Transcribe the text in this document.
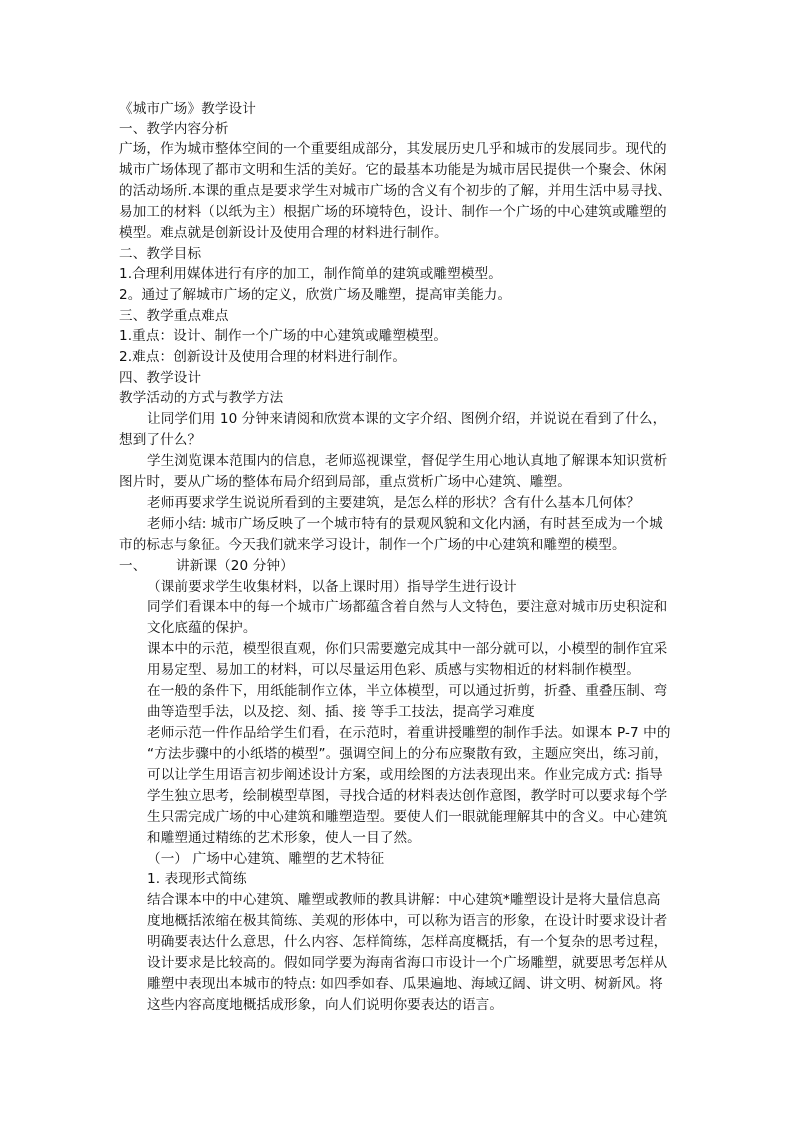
《城市广场》教学设计
一、教学内容分析
广场，作为城市整体空间的一个重要组成部分，其发展历史几乎和城市的发展同步。现代的
城市广场体现了都市文明和生活的美好。它的最基本功能是为城市居民提供一个聚会、休闲
的活动场所.本课的重点是要求学生对城市广场的含义有个初步的了解，并用生活中易寻找、
易加工的材料（以纸为主）根据广场的环境特色，设计、制作一个广场的中心建筑或雕塑的
模型。难点就是创新设计及使用合理的材料进行制作。
二、教学目标
1.合理利用媒体进行有序的加工，制作简单的建筑或雕塑模型。
2。通过了解城市广场的定义，欣赏广场及雕塑，提高审美能力。
三、教学重点难点
1.重点：设计、制作一个广场的中心建筑或雕塑模型。
2.难点：创新设计及使用合理的材料进行制作。
四、教学设计
教学活动的方式与教学方法
让同学们用 10 分钟来请阅和欣赏本课的文字介绍、图例介绍，并说说在看到了什么，
想到了什么？
学生浏览课本范围内的信息，老师巡视课堂，督促学生用心地认真地了解课本知识赏析
图片时，要从广场的整体布局介绍到局部，重点赏析广场中心建筑、雕塑。
老师再要求学生说说所看到的主要建筑，是怎么样的形状？含有什么基本几何体？
老师小结: 城市广场反映了一个城市特有的景观风貌和文化内涵，有时甚至成为一个城
市的标志与象征。今天我们就来学习设计，制作一个广场的中心建筑和雕塑的模型。
一、 讲新课（20 分钟）
（课前要求学生收集材料，以备上课时用）指导学生进行设计
同学们看课本中的每一个城市广场都蕴含着自然与人文特色，要注意对城市历史积淀和
文化底蕴的保护。
课本中的示范，模型很直观，你们只需要邀完成其中一部分就可以，小模型的制作宜采
用易定型、易加工的材料，可以尽量运用色彩、质感与实物相近的材料制作模型。
在一般的条件下，用纸能制作立体，半立体模型，可以通过折剪，折叠、重叠压制、弯
曲等造型手法，以及挖、刻、插、接 等手工技法，提高学习难度
老师示范一件作品给学生们看，在示范时，着重讲授雕塑的制作手法。如课本 P-7 中的
“方法步骤中的小纸塔的模型”。强调空间上的分布应聚散有致，主题应突出，练习前，
可以让学生用语言初步阐述设计方案，或用绘图的方法表现出来。作业完成方式: 指导
学生独立思考，绘制模型草图，寻找合适的材料表达创作意图，教学时可以要求每个学
生只需完成广场的中心建筑和雕塑造型。要使人们一眼就能理解其中的含义。中心建筑
和雕塑通过精练的艺术形象，使人一目了然。
（一） 广场中心建筑、雕塑的艺术特征
1. 表现形式简练
结合课本中的中心建筑、雕塑或教师的教具讲解：中心建筑*雕塑设计是将大量信息高
度地概括浓缩在极其简练、美观的形体中，可以称为语言的形象，在设计时要求设计者
明确要表达什么意思，什么内容、怎样简练，怎样高度概括，有一个复杂的思考过程，
设计要求是比较高的。假如同学要为海南省海口市设计一个广场雕塑，就要思考怎样从
雕塑中表现出本城市的特点: 如四季如春、瓜果遍地、海域辽阔、讲文明、树新风。将
这些内容高度地概括成形象，向人们说明你要表达的语言。
